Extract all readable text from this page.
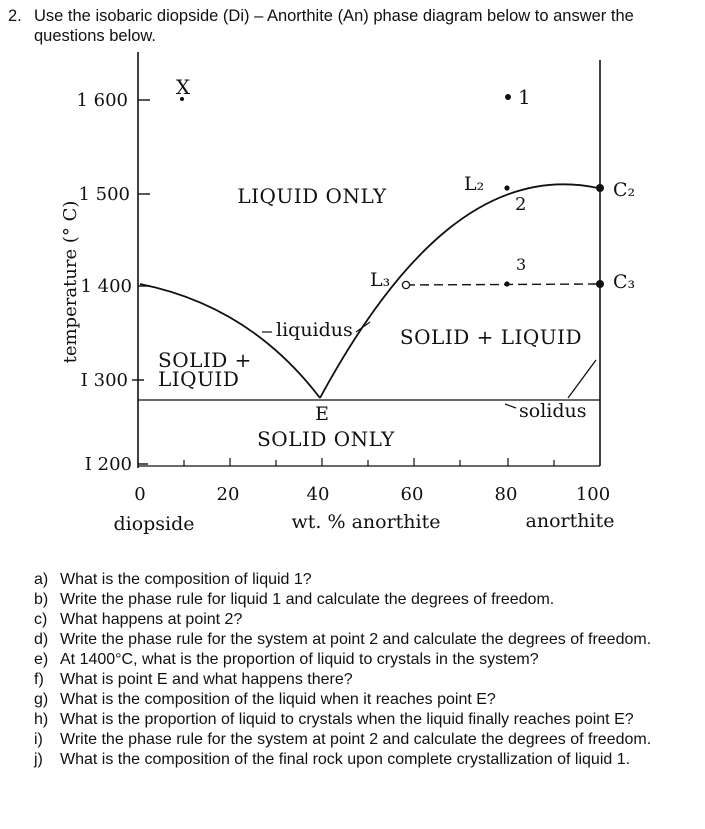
2. Use the isobaric diopside (Di) – Anorthite (An) phase diagram below to answer the questions below.
1 600
1 500
1 400
I 300
I 200
temperature (° C)
0	20	40	60	80	100
diopside	wt. % anorthite	anorthite
X	1
2
3
L₂
L₃
C₂
C₃
E
LIQUID ONLY
SOLID +
LIQUID
SOLID + LIQUID
SOLID ONLY
liquidus
solidus
a) What is the composition of liquid 1?
b) Write the phase rule for liquid 1 and calculate the degrees of freedom.
c) What happens at point 2?
d) Write the phase rule for the system at point 2 and calculate the degrees of freedom.
e) At 1400°C, what is the proportion of liquid to crystals in the system?
f) What is point E and what happens there?
g) What is the composition of the liquid when it reaches point E?
h) What is the proportion of liquid to crystals when the liquid finally reaches point E?
i) Write the phase rule for the system at point 2 and calculate the degrees of freedom.
j) What is the composition of the final rock upon complete crystallization of liquid 1.
